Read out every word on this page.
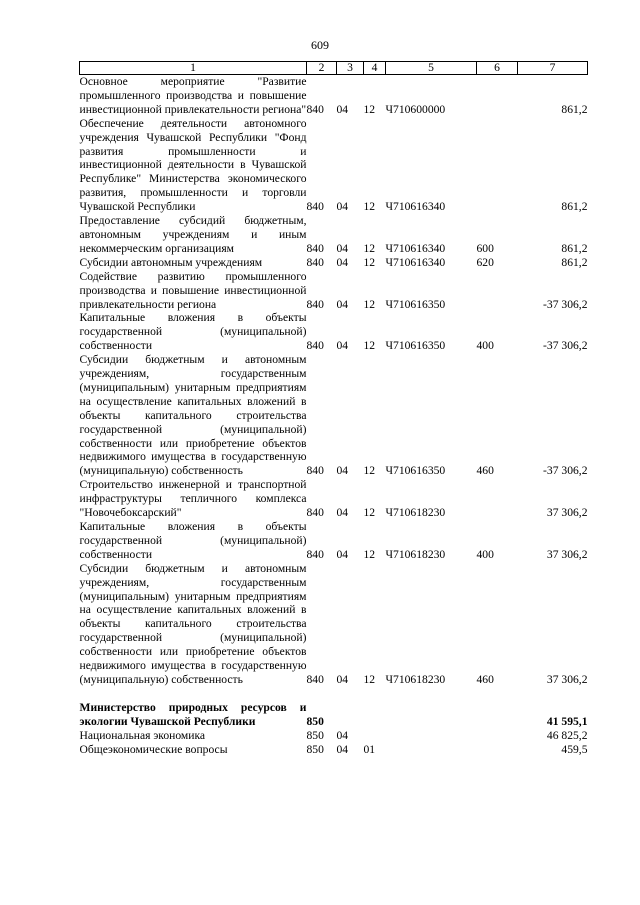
609
1	2	3	4	5	6	7
Основное мероприятие "Развитие промышленного производства и повышение инвестиционной привлекательности региона"	840	04	12	Ч710600000		861,2
Обеспечение деятельности автономного учреждения Чувашской Республики "Фонд развития промышленности и инвестиционной деятельности в Чувашской Республике" Министерства экономического развития, промышленности и торговли Чувашской Республики	840	04	12	Ч710616340		861,2
Предоставление субсидий бюджетным, автономным учреждениям и иным некоммерческим организациям	840	04	12	Ч710616340	600	861,2
Субсидии автономным учреждениям	840	04	12	Ч710616340	620	861,2
Содействие развитию промышленного производства и повышение инвестиционной привлекательности региона	840	04	12	Ч710616350		-37 306,2
Капитальные вложения в объекты государственной (муниципальной) собственности	840	04	12	Ч710616350	400	-37 306,2
Субсидии бюджетным и автономным учреждениям, государственным (муниципальным) унитарным предприятиям на осуществление капитальных вложений в объекты капитального строительства государственной (муниципальной) собственности или приобретение объектов недвижимого имущества в государственную (муниципальную) собственность	840	04	12	Ч710616350	460	-37 306,2
Строительство инженерной и транспортной инфраструктуры тепличного комплекса "Новочебоксарский"	840	04	12	Ч710618230		37 306,2
Капитальные вложения в объекты государственной (муниципальной) собственности	840	04	12	Ч710618230	400	37 306,2
Субсидии бюджетным и автономным учреждениям, государственным (муниципальным) унитарным предприятиям на осуществление капитальных вложений в объекты капитального строительства государственной (муниципальной) собственности или приобретение объектов недвижимого имущества в государственную (муниципальную) собственность	840	04	12	Ч710618230	460	37 306,2
Министерство природных ресурсов и экологии Чувашской Республики	850					41 595,1
Национальная экономика	850	04				46 825,2
Общеэкономические вопросы	850	04	01			459,5
